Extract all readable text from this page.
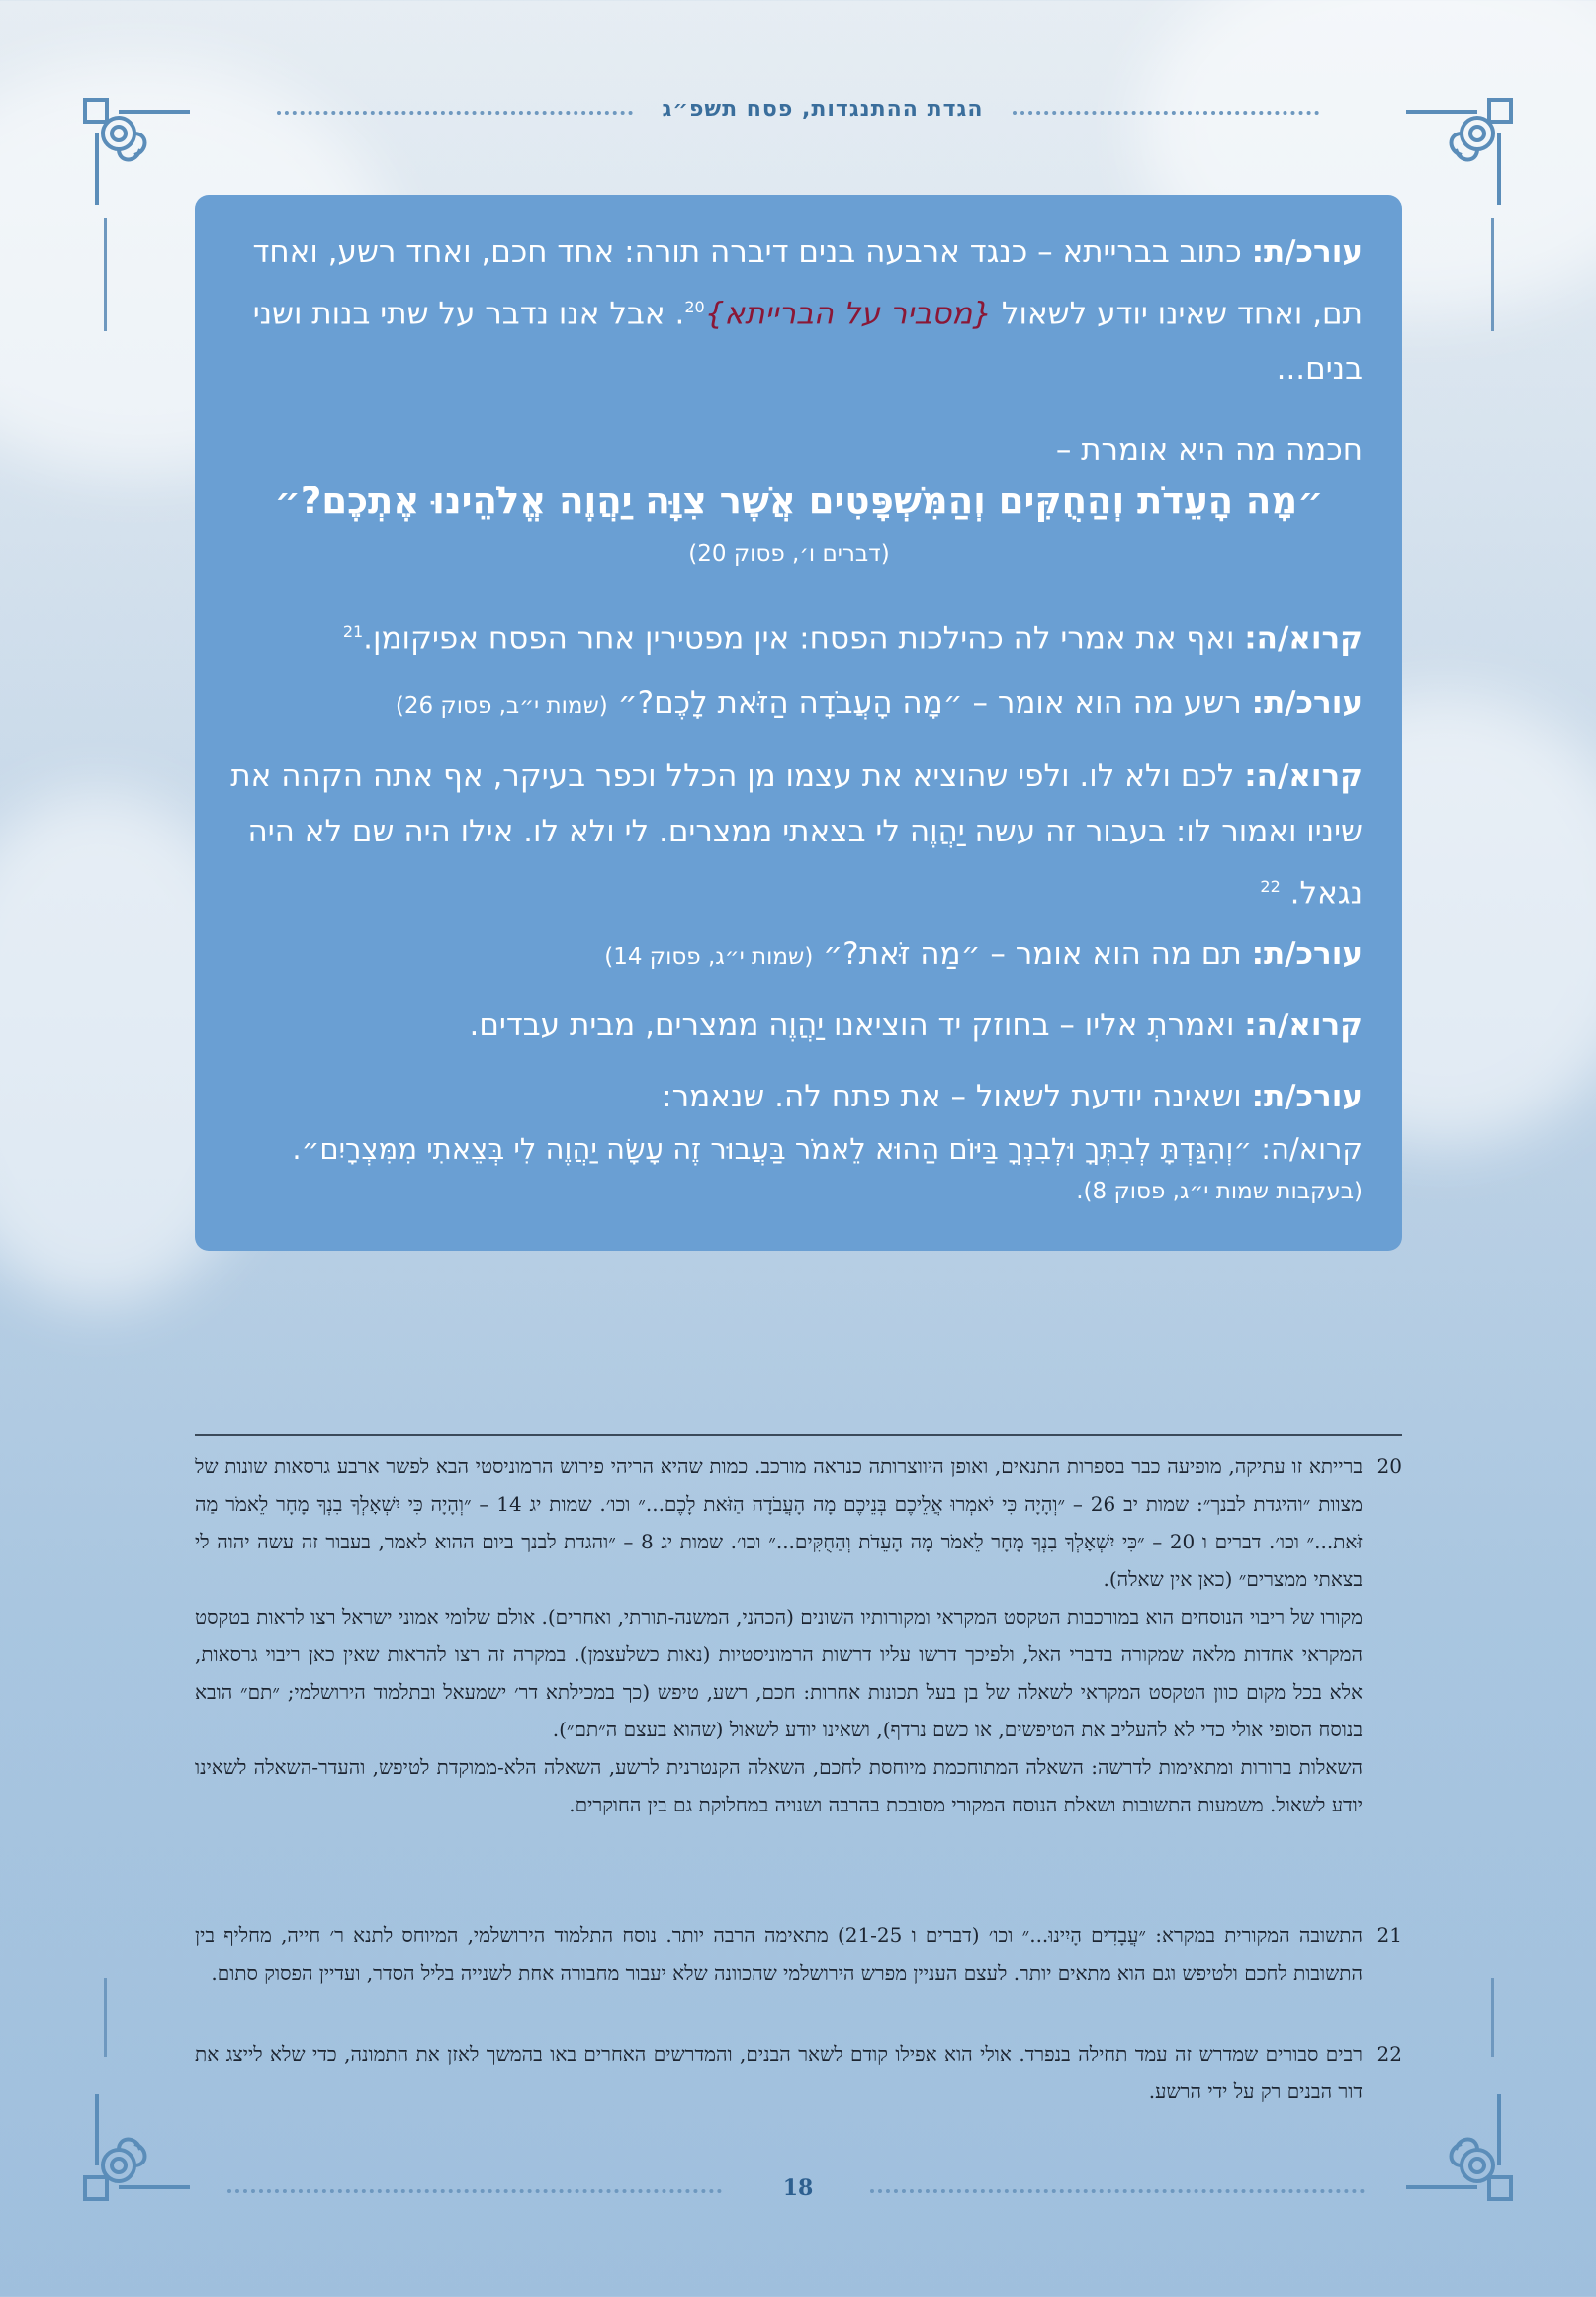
הגדת ההתנגדות, פסח תשפ״ג
עורכ/ת: כתוב בברייתא – כנגד ארבעה בנים דיברה תורה: אחד חכם, ואחד רשע, ואחד תם, ואחד שאינו יודע לשאול {מסביר על הברייתא}$^{20}$. אבל אנו נדבר על שתי בנות ושני בנים...
חכמה מה היא אומרת –
״מָה הָעֵדֹת וְהַחֻקִּים וְהַמִּשְׁפָּטִים אֲשֶׁר צִוָּה יַהֲוֶה אֱלֹהֵינוּ אֶתְכֶם?״
(דברים ו׳, פסוק 20)
קרוא/ה: ואף את אמרי לה כהילכות הפסח: אין מפטירין אחר הפסח אפיקומן.$^{21}$
עורכ/ת: רשע מה הוא אומר – ״מָה הָעֲבֹדָה הַזֹּאת לָכֶם?״ (שמות י״ב, פסוק 26)
קרוא/ה: לכם ולא לו. ולפי שהוציא את עצמו מן הכלל וכפר בעיקר, אף אתה הקהה את שיניו ואמור לו: בעבור זה עשה יַהֲוֶה לי בצאתי ממצרים. לי ולא לו. אילו היה שם לא היה נגאל. $^{22}$
עורכ/ת: תם מה הוא אומר – ״מַה זֹּאת?״ (שמות י״ג, פסוק 14)
קרוא/ה: ואמרתְ אליו – בחוזק יד הוציאנו יַהֲוֶה ממצרים, מבית עבדים.
עורכ/ת: ושאינה יודעת לשאול – את פתח לה. שנאמר:
קרוא/ה: ״וְהִגַּדְתָּ לְבִתְּךָ וּלְבִנְךָ בַּיּוֹם הַהוּא לֵאמֹר בַּעֲבוּר זֶה עָשָׂה יַהֲוֶה לִי בְּצֵאתִי מִמִּצְרָיִם״.
(בעקבות שמות י״ג, פסוק 8).
20
ברייתא זו עתיקה, מופיעה כבר בספרות התנאים, ואופן היווצרותה כנראה מורכב. כמות שהיא הריהי פירוש הרמוניסטי הבא לפשר ארבע גרסאות שונות של מצוות ״והיגדת לבנך״: שמות יב 26 – ״וְהָיָה כִּי יֹאמְרוּ אֲלֵיכֶם בְּנֵיכֶם מָה הָעֲבֹדָה הַזֹּאת לָכֶם...״ וכו׳. שמות יג 14 – ״וְהָיָה כִּי יִשְׁאָלְךָ בִנְךָ מָחָר לֵאמֹר מַה זֹּאת...״ וכו׳. דברים ו 20 – ״כִּי יִשְׁאָלְךָ בִנְךָ מָחָר לֵאמֹר מָה הָעֵדֹת וְהַחֻקִּים...״ וכו׳. שמות יג 8 – ״והגדת לבנך ביום ההוא לאמר, בעבור זה עשה יהוה לי בצאתי ממצרים״ (כאן אין שאלה).
מקורו של ריבוי הנוסחים הוא במורכבות הטקסט המקראי ומקורותיו השונים (הכהני, המשנה-תורתי, ואחרים). אולם שלומי אמוני ישראל רצו לראות בטקסט המקראי אחדות מלאה שמקורה בדברי האל, ולפיכך דרשו עליו דרשות הרמוניסטיות (נאות כשלעצמן). במקרה זה רצו להראות שאין כאן ריבוי גרסאות, אלא בכל מקום כוון הטקסט המקראי לשאלה של בן בעל תכונות אחרות: חכם, רשע, טיפש (כך במכילתא דר׳ ישמעאל ובתלמוד הירושלמי; ״תם״ הובא בנוסח הסופי אולי כדי לא להעליב את הטיפשים, או כשם נרדף), ושאינו יודע לשאול (שהוא בעצם ה״תם״).
השאלות ברורות ומתאימות לדרשה: השאלה המתוחכמת מיוחסת לחכם, השאלה הקנטרנית לרשע, השאלה הלא-ממוקדת לטיפש, והעדר-השאלה לשאינו יודע לשאול. משמעות התשובות ושאלת הנוסח המקורי מסובכת בהרבה ושנויה במחלוקת גם בין החוקרים.
21
התשובה המקורית במקרא: ״עֲבָדִים הָיִינוּ...״ וכו׳ (דברים ו 21-25) מתאימה הרבה יותר. נוסח התלמוד הירושלמי, המיוחס לתנא ר׳ חייה, מחליף בין התשובות לחכם ולטיפש וגם הוא מתאים יותר. לעצם העניין מפרש הירושלמי שהכוונה שלא יעבור מחבורה אחת לשנייה בליל הסדר, ועדיין הפסוק סתום.
22
רבים סבורים שמדרש זה עמד תחילה בנפרד. אולי הוא אפילו קודם לשאר הבנים, והמדרשים האחרים באו בהמשך לאזן את התמונה, כדי שלא לייצג את דור הבנים רק על ידי הרשע.
18
